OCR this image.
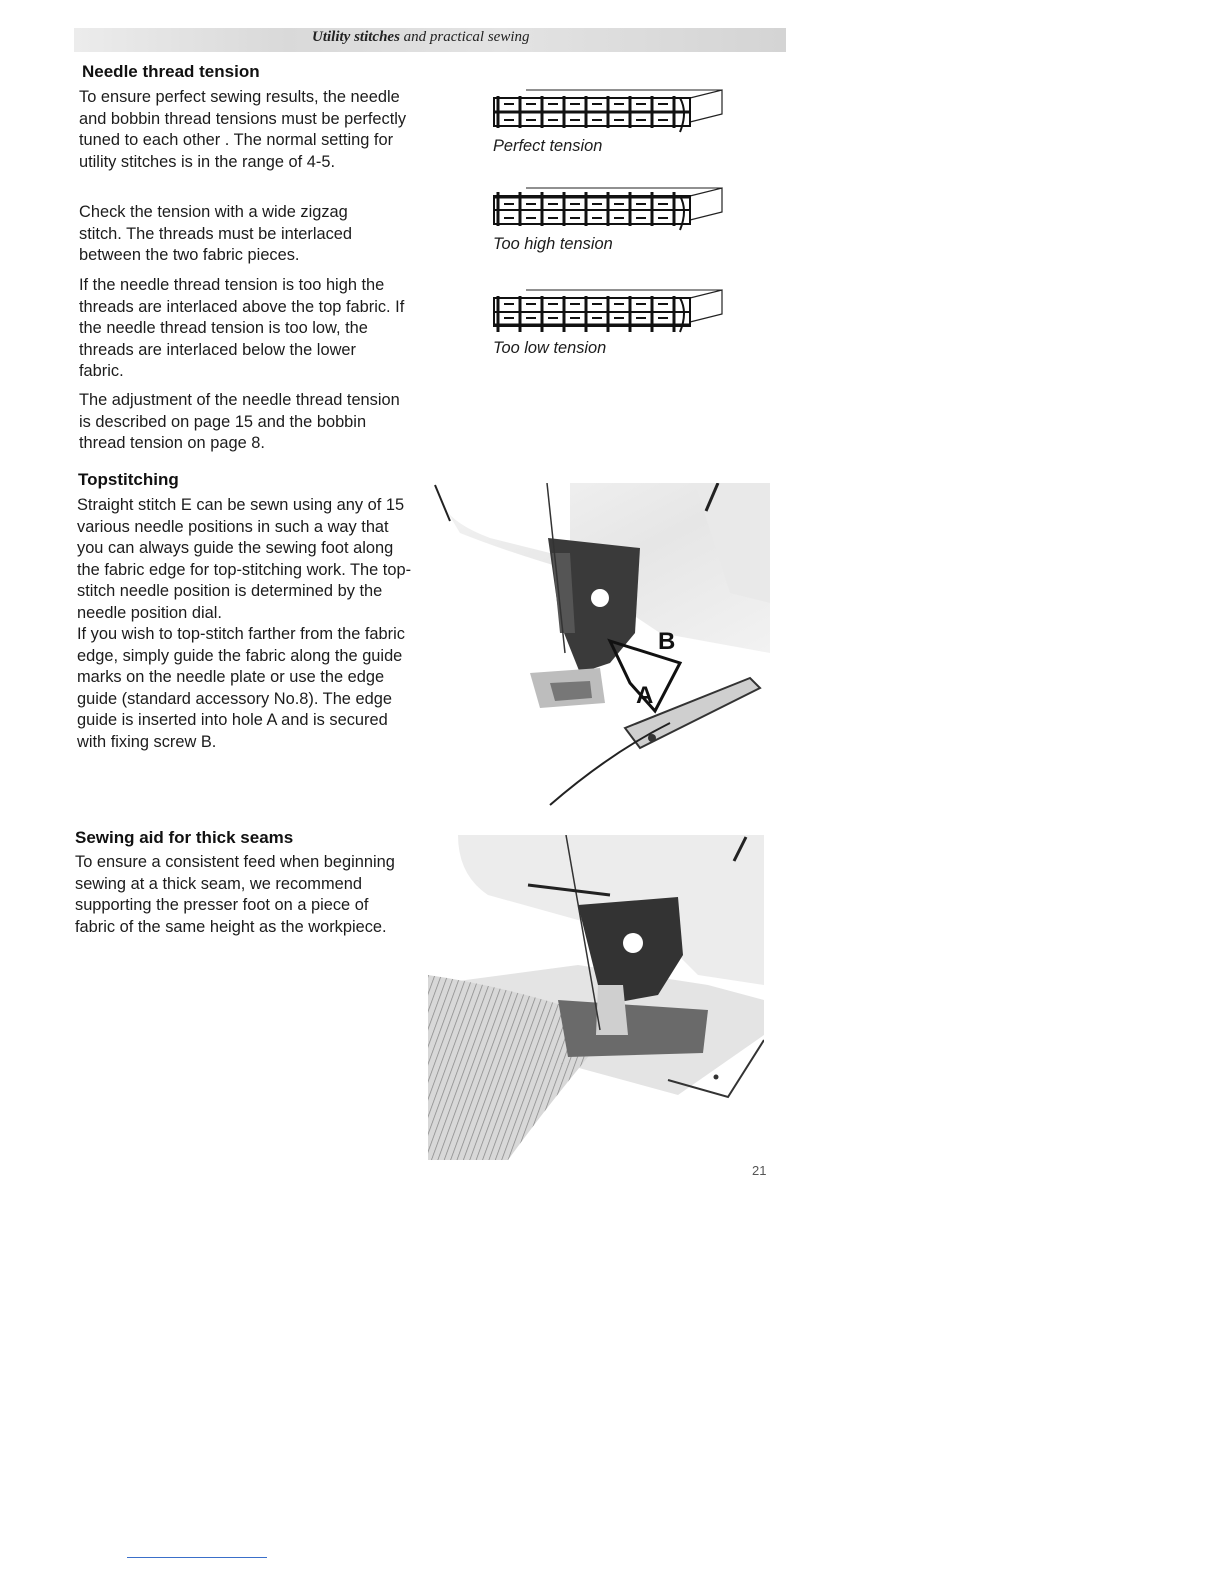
Utility stitches and practical sewing
Needle thread tension

To ensure perfect sewing results, the needle and bobbin thread tensions must be perfectly tuned to each other . The normal setting for utility stitches is in the range of 4-5.

Check the tension with a wide zigzag stitch. The threads must be interlaced between the two fabric pieces.

If the needle thread tension is too high the threads are interlaced above the top fabric. If the needle thread tension is too low, the threads are interlaced below the lower fabric.

The adjustment of the needle thread tension is described on page 15 and the bobbin thread tension on page 8.

Perfect tension
Too high tension
Too low tension
Topstitching

Straight stitch E can be sewn using any of 15 various needle positions in such a way that you can always guide the sewing foot along the fabric edge for top-stitching work. The top-stitch needle position is determined by the needle position dial.

If you wish to top-stitch farther from the fabric edge, simply guide the fabric along the guide marks on the needle plate or use the edge guide (standard accessory No.8). The edge guide is inserted into hole A and is secured with fixing screw B.

B
A
Sewing aid for thick seams

To ensure a consistent feed when beginning sewing at a thick seam, we recommend supporting the presser foot on a piece of fabric of the same height as the workpiece.

21
